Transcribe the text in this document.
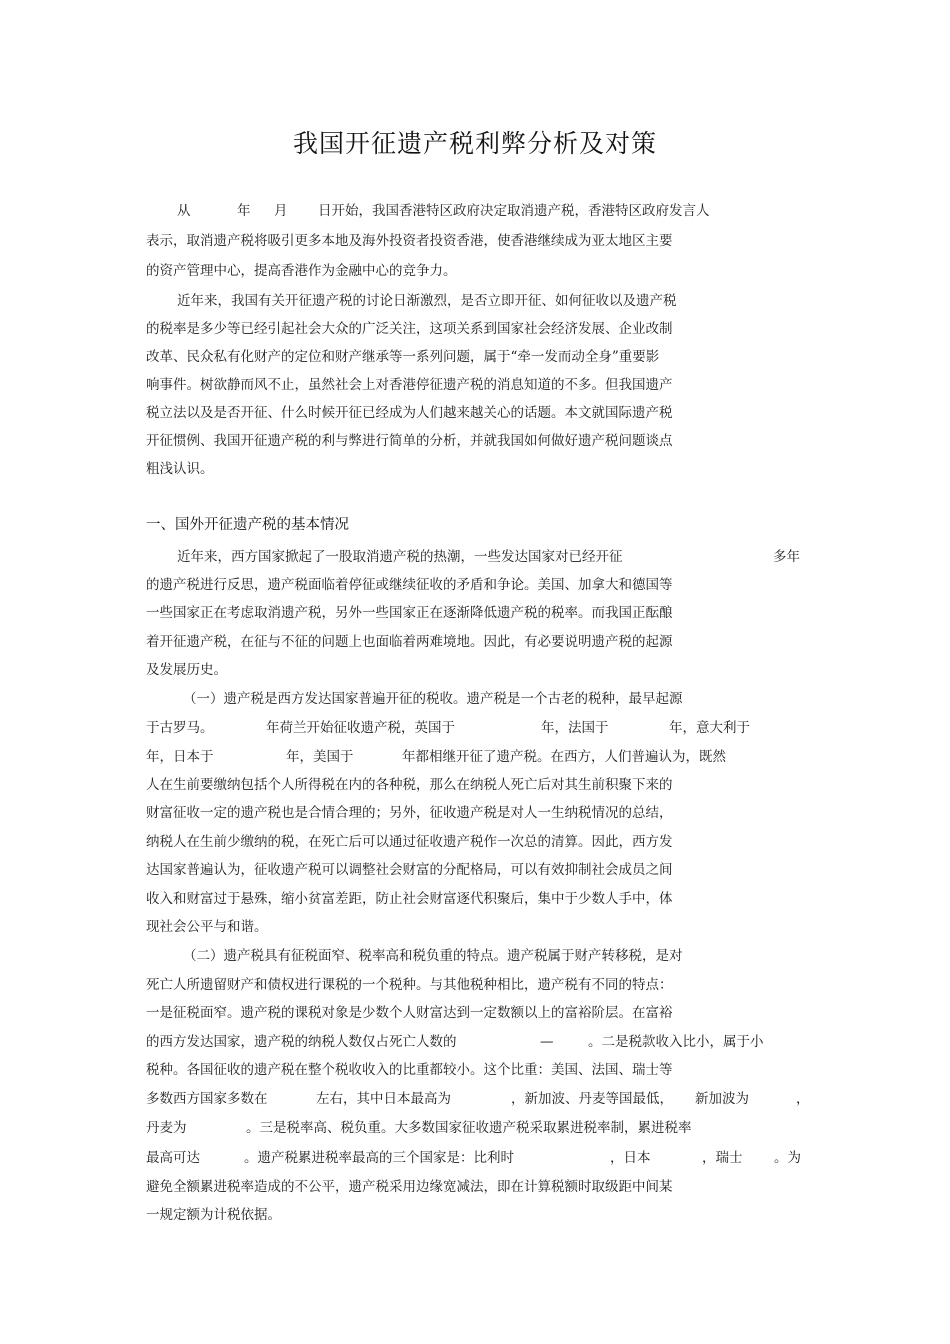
我国开征遗产税利弊分析及对策
从	年 月 日开始，我国香港特区政府决定取消遗产税，香港特区政府发言人
表示，取消遗产税将吸引更多本地及海外投资者投资香港，使香港继续成为亚太地区主要
的资产管理中心，提高香港作为金融中心的竞争力。
近年来，我国有关开征遗产税的讨论日渐激烈，是否立即开征、如何征收以及遗产税
的税率是多少等已经引起社会大众的广泛关注，这项关系到国家社会经济发展、企业改制
改革、民众私有化财产的定位和财产继承等一系列问题，属于“牵一发而动全身”重要影
响事件。树欲静而风不止，虽然社会上对香港停征遗产税的消息知道的不多。但我国遗产
税立法以及是否开征、什么时候开征已经成为人们越来越关心的话题。本文就国际遗产税
开征惯例、我国开征遗产税的利与弊进行简单的分析，并就我国如何做好遗产税问题谈点
粗浅认识。
一、国外开征遗产税的基本情况
近年来，西方国家掀起了一股取消遗产税的热潮，一些发达国家对已经开征	多年
的遗产税进行反思，遗产税面临着停征或继续征收的矛盾和争论。美国、加拿大和德国等
一些国家正在考虑取消遗产税，另外一些国家正在逐渐降低遗产税的税率。而我国正酝酿
着开征遗产税，在征与不征的问题上也面临着两难境地。因此，有必要说明遗产税的起源
及发展历史。
（一）遗产税是西方发达国家普遍开征的税收。遗产税是一个古老的税种，最早起源
于古罗马。	年荷兰开始征收遗产税，英国于	年，法国于	年，意大利于
年，日本于	年，美国于	年都相继开征了遗产税。在西方，人们普遍认为，既然
人在生前要缴纳包括个人所得税在内的各种税，那么在纳税人死亡后对其生前积聚下来的
财富征收一定的遗产税也是合情合理的；另外，征收遗产税是对人一生纳税情况的总结，
纳税人在生前少缴纳的税，在死亡后可以通过征收遗产税作一次总的清算。因此，西方发
达国家普遍认为，征收遗产税可以调整社会财富的分配格局，可以有效抑制社会成员之间
收入和财富过于悬殊，缩小贫富差距，防止社会财富逐代积聚后，集中于少数人手中，体
现社会公平与和谐。
（二）遗产税具有征税面窄、税率高和税负重的特点。遗产税属于财产转移税，是对
死亡人所遗留财产和债权进行课税的一个税种。与其他税种相比，遗产税有不同的特点：
一是征税面窄。遗产税的课税对象是少数个人财富达到一定数额以上的富裕阶层。在富裕
的西方发达国家，遗产税的纳税人数仅占死亡人数的	—	。二是税款收入比小，属于小
税种。各国征收的遗产税在整个税收收入的比重都较小。这个比重：美国、法国、瑞士等
多数西方国家多数在	左右，其中日本最高为	，新加波、丹麦等国最低， 新加波为	，
丹麦为	。三是税率高、税负重。大多数国家征收遗产税采取累进税率制，累进税率
最高可达	。遗产税累进税率最高的三个国家是：比利时	，日本	，瑞士 。为
避免全额累进税率造成的不公平，遗产税采用边缘宽减法，即在计算税额时取级距中间某
一规定额为计税依据。
